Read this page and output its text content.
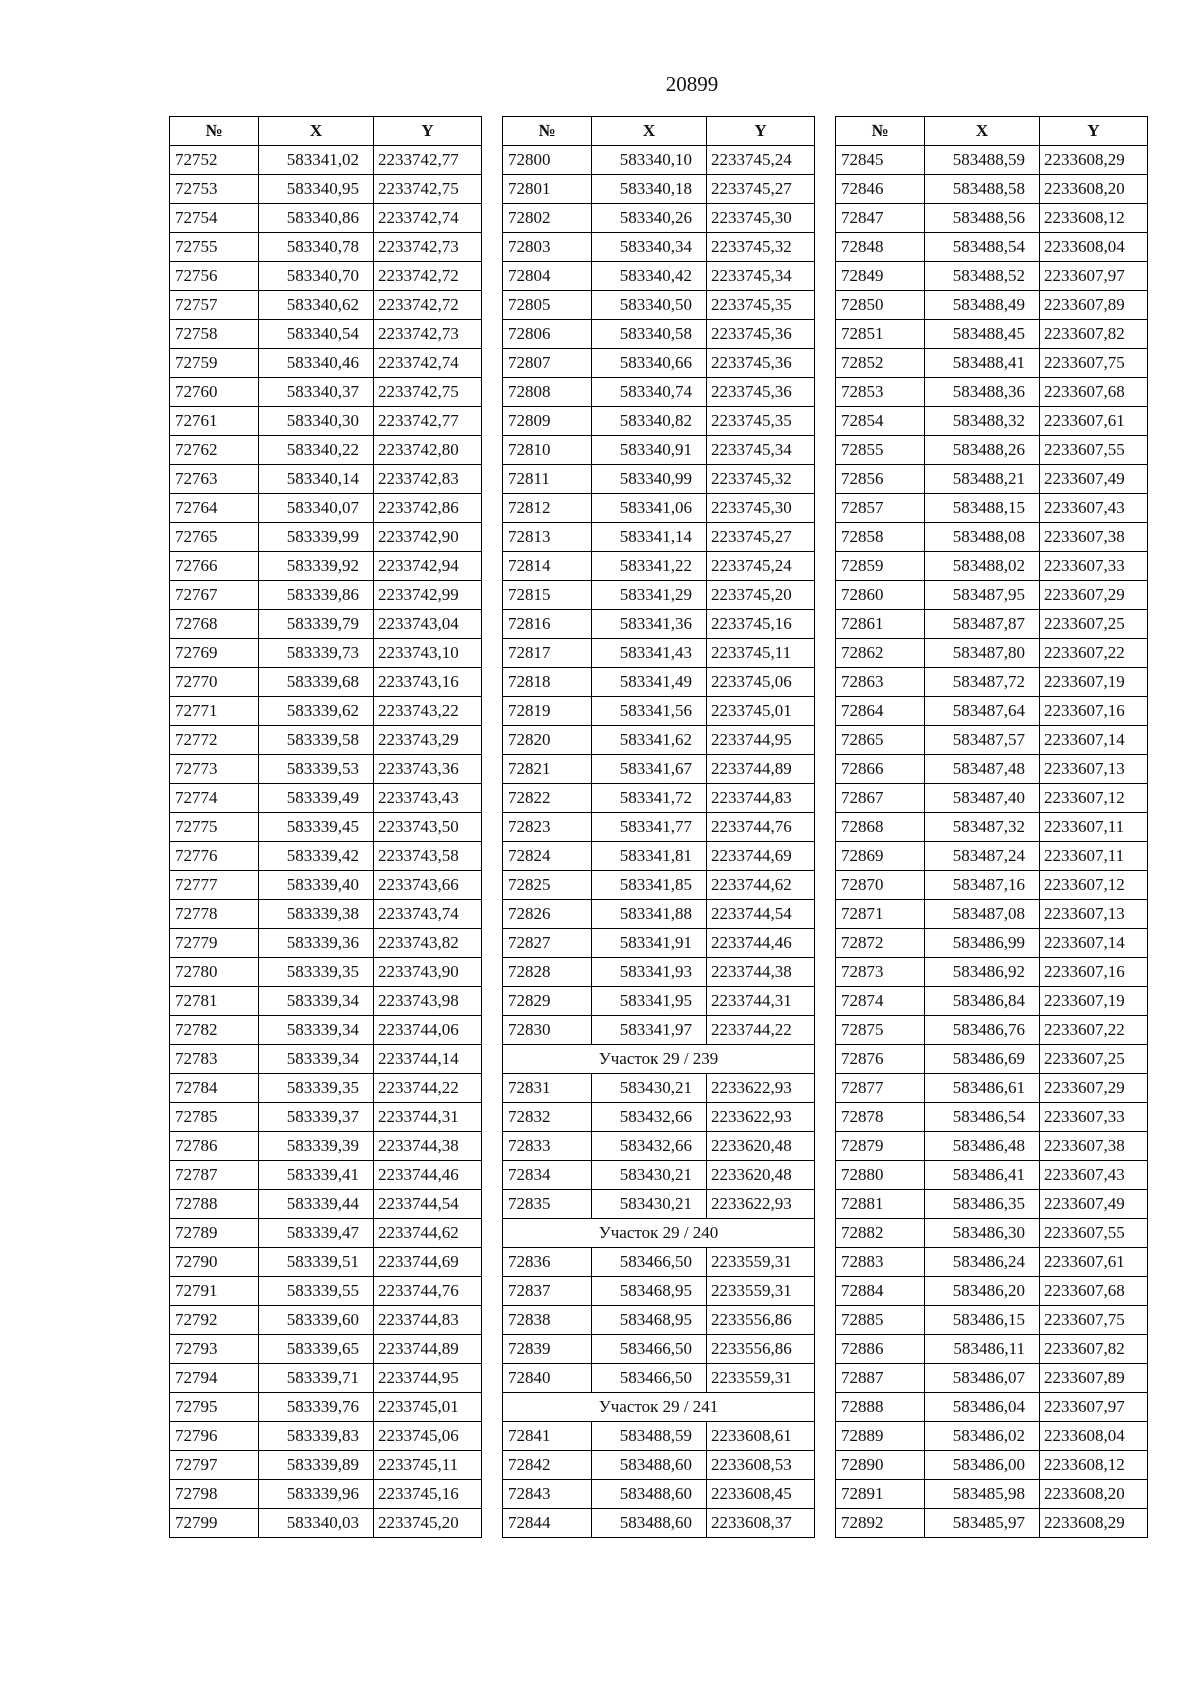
20899
№	X	Y
72752	583341,02	2233742,77
72753	583340,95	2233742,75
72754	583340,86	2233742,74
72755	583340,78	2233742,73
72756	583340,70	2233742,72
72757	583340,62	2233742,72
72758	583340,54	2233742,73
72759	583340,46	2233742,74
72760	583340,37	2233742,75
72761	583340,30	2233742,77
72762	583340,22	2233742,80
72763	583340,14	2233742,83
72764	583340,07	2233742,86
72765	583339,99	2233742,90
72766	583339,92	2233742,94
72767	583339,86	2233742,99
72768	583339,79	2233743,04
72769	583339,73	2233743,10
72770	583339,68	2233743,16
72771	583339,62	2233743,22
72772	583339,58	2233743,29
72773	583339,53	2233743,36
72774	583339,49	2233743,43
72775	583339,45	2233743,50
72776	583339,42	2233743,58
72777	583339,40	2233743,66
72778	583339,38	2233743,74
72779	583339,36	2233743,82
72780	583339,35	2233743,90
72781	583339,34	2233743,98
72782	583339,34	2233744,06
72783	583339,34	2233744,14
72784	583339,35	2233744,22
72785	583339,37	2233744,31
72786	583339,39	2233744,38
72787	583339,41	2233744,46
72788	583339,44	2233744,54
72789	583339,47	2233744,62
72790	583339,51	2233744,69
72791	583339,55	2233744,76
72792	583339,60	2233744,83
72793	583339,65	2233744,89
72794	583339,71	2233744,95
72795	583339,76	2233745,01
72796	583339,83	2233745,06
72797	583339,89	2233745,11
72798	583339,96	2233745,16
72799	583340,03	2233745,20
№	X	Y
72800	583340,10	2233745,24
72801	583340,18	2233745,27
72802	583340,26	2233745,30
72803	583340,34	2233745,32
72804	583340,42	2233745,34
72805	583340,50	2233745,35
72806	583340,58	2233745,36
72807	583340,66	2233745,36
72808	583340,74	2233745,36
72809	583340,82	2233745,35
72810	583340,91	2233745,34
72811	583340,99	2233745,32
72812	583341,06	2233745,30
72813	583341,14	2233745,27
72814	583341,22	2233745,24
72815	583341,29	2233745,20
72816	583341,36	2233745,16
72817	583341,43	2233745,11
72818	583341,49	2233745,06
72819	583341,56	2233745,01
72820	583341,62	2233744,95
72821	583341,67	2233744,89
72822	583341,72	2233744,83
72823	583341,77	2233744,76
72824	583341,81	2233744,69
72825	583341,85	2233744,62
72826	583341,88	2233744,54
72827	583341,91	2233744,46
72828	583341,93	2233744,38
72829	583341,95	2233744,31
72830	583341,97	2233744,22
Участок 29 / 239		
72831	583430,21	2233622,93
72832	583432,66	2233622,93
72833	583432,66	2233620,48
72834	583430,21	2233620,48
72835	583430,21	2233622,93
Участок 29 / 240		
72836	583466,50	2233559,31
72837	583468,95	2233559,31
72838	583468,95	2233556,86
72839	583466,50	2233556,86
72840	583466,50	2233559,31
Участок 29 / 241		
72841	583488,59	2233608,61
72842	583488,60	2233608,53
72843	583488,60	2233608,45
72844	583488,60	2233608,37
№	X	Y
72845	583488,59	2233608,29
72846	583488,58	2233608,20
72847	583488,56	2233608,12
72848	583488,54	2233608,04
72849	583488,52	2233607,97
72850	583488,49	2233607,89
72851	583488,45	2233607,82
72852	583488,41	2233607,75
72853	583488,36	2233607,68
72854	583488,32	2233607,61
72855	583488,26	2233607,55
72856	583488,21	2233607,49
72857	583488,15	2233607,43
72858	583488,08	2233607,38
72859	583488,02	2233607,33
72860	583487,95	2233607,29
72861	583487,87	2233607,25
72862	583487,80	2233607,22
72863	583487,72	2233607,19
72864	583487,64	2233607,16
72865	583487,57	2233607,14
72866	583487,48	2233607,13
72867	583487,40	2233607,12
72868	583487,32	2233607,11
72869	583487,24	2233607,11
72870	583487,16	2233607,12
72871	583487,08	2233607,13
72872	583486,99	2233607,14
72873	583486,92	2233607,16
72874	583486,84	2233607,19
72875	583486,76	2233607,22
72876	583486,69	2233607,25
72877	583486,61	2233607,29
72878	583486,54	2233607,33
72879	583486,48	2233607,38
72880	583486,41	2233607,43
72881	583486,35	2233607,49
72882	583486,30	2233607,55
72883	583486,24	2233607,61
72884	583486,20	2233607,68
72885	583486,15	2233607,75
72886	583486,11	2233607,82
72887	583486,07	2233607,89
72888	583486,04	2233607,97
72889	583486,02	2233608,04
72890	583486,00	2233608,12
72891	583485,98	2233608,20
72892	583485,97	2233608,29
